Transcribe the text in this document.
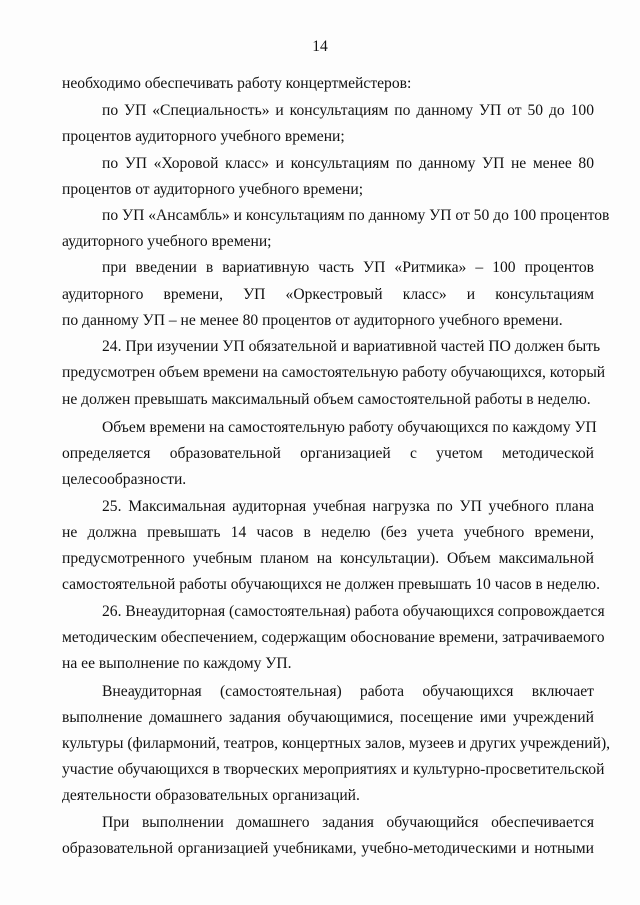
14
необходимо обеспечивать работу концертмейстеров:
по УП «Специальность» и консультациям по данному УП от 50 до 100
процентов аудиторного учебного времени;
по УП «Хоровой класс» и консультациям по данному УП не менее 80
процентов от аудиторного учебного времени;
по УП «Ансамбль» и консультациям по данному УП от 50 до 100 процентов
аудиторного учебного времени;
при введении в вариативную часть УП «Ритмика» – 100 процентов
аудиторного времени, УП «Оркестровый класс» и консультациям
по данному УП – не менее 80 процентов от аудиторного учебного времени.
24. При изучении УП обязательной и вариативной частей ПО должен быть
предусмотрен объем времени на самостоятельную работу обучающихся, который
не должен превышать максимальный объем самостоятельной работы в неделю.
Объем времени на самостоятельную работу обучающихся по каждому УП
определяется образовательной организацией с учетом методической
целесообразности.
25. Максимальная аудиторная учебная нагрузка по УП учебного плана
не должна превышать 14 часов в неделю (без учета учебного времени,
предусмотренного учебным планом на консультации). Объем максимальной
самостоятельной работы обучающихся не должен превышать 10 часов в неделю.
26. Внеаудиторная (самостоятельная) работа обучающихся сопровождается
методическим обеспечением, содержащим обоснование времени, затрачиваемого
на ее выполнение по каждому УП.
Внеаудиторная (самостоятельная) работа обучающихся включает
выполнение домашнего задания обучающимися, посещение ими учреждений
культуры (филармоний, театров, концертных залов, музеев и других учреждений),
участие обучающихся в творческих мероприятиях и культурно-просветительской
деятельности образовательных организаций.
При выполнении домашнего задания обучающийся обеспечивается
образовательной организацией учебниками, учебно-методическими и нотными
